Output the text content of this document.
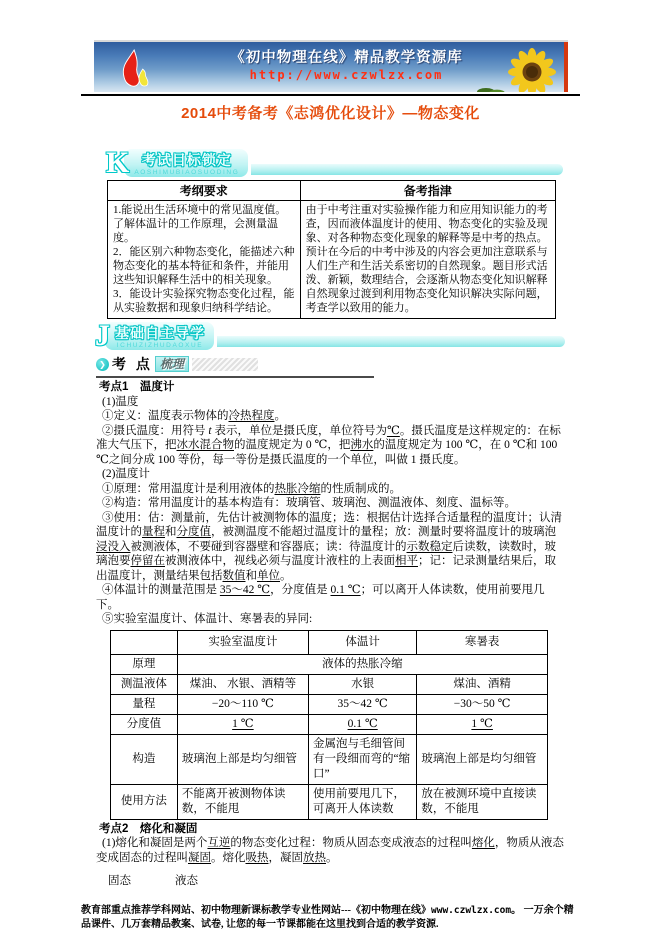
《初中物理在线》精品教学资源库
http://www.czwlzx.com
2014中考备考《志鸿优化设计》—物态变化
K 考试目标锁定
AOSHIMUBIAOSUODING
考纲要求	备考指津

1.能说出生活环境中的常见温度值。了解体温计的工作原理，会测量温度。
2．能区别六种物态变化，能描述六种物态变化的基本特征和条件，并能用这些知识解释生活中的相关现象。
3．能设计实验探究物态变化过程，能从实验数据和现象归纳科学结论。	由于中考注重对实验操作能力和应用知识能力的考查，因而液体温度计的使用、物态变化的实验及现象、对各种物态变化现象的解释等是中考的热点。预计在今后的中考中涉及的内容会更加注意联系与人们生产和生活关系密切的自然现象。题目形式活泼、新颖，数理结合，会逐渐从物态变化知识解释自然现象过渡到利用物态变化知识解决实际问题，考查学以致用的能力。
J 基础自主导学
ICHUZIZHUDAOXUE
❯ 考 点 梳理

考点1　温度计

(1)温度

①定义：温度表示物体的冷热程度。

②摄氏温度：用符号 t 表示，单位是摄氏度，单位符号为℃。摄氏温度是这样规定的：在标准大气压下，把冰水混合物的温度规定为 0 ℃，把沸水的温度规定为 100 ℃，在 0 ℃和 100 ℃之间分成 100 等份，每一等份是摄氏温度的一个单位，叫做 1 摄氏度。

(2)温度计

①原理：常用温度计是利用液体的热胀冷缩的性质制成的。

②构造：常用温度计的基本构造有：玻璃管、玻璃泡、测温液体、刻度、温标等。

③使用：估：测量前，先估计被测物体的温度；选：根据估计选择合适量程的温度计；认清温度计的量程和分度值，被测温度不能超过温度计的量程；放：测量时要将温度计的玻璃泡浸没入被测液体，不要碰到容器壁和容器底；读：待温度计的示数稳定后读数，读数时，玻璃泡要停留在被测液体中，视线必须与温度计液柱的上表面相平；记：记录测量结果后，取出温度计，测量结果包括数值和单位。

④体温计的测量范围是 35～42 ℃，分度值是 0.1 ℃；可以离开人体读数，使用前要甩几下。

⑤实验室温度计、体温计、寒暑表的异同:

	实验室温度计	体温计	寒暑表
原理	液体的热胀冷缩		
测温液体	煤油、 水银、酒精等	水银	煤油、酒精
量程	−20～110 ℃	35～42 ℃	−30～50 ℃
分度值	1 ℃	0.1 ℃	1 ℃
构造	玻璃泡上部是均匀细管	金属泡与毛细管间有一段细而弯的“缩口”	玻璃泡上部是均匀细管
使用方法	不能离开被测物体读数，不能甩	使用前要甩几下，可离开人体读数	放在被测环境中直接读数，不能甩

考点2　熔化和凝固

(1)熔化和凝固是两个互逆的物态变化过程：物质从固态变成液态的过程叫熔化，物质从液态变成固态的过程叫凝固。熔化吸热，凝固放热。

固态	液态
教育部重点推荐学科网站、初中物理新课标教学专业性网站---《初中物理在线》www.czwlzx.com。 一万余个精品课件、几万套精品教案、试卷, 让您的每一节课都能在这里找到合适的教学资源.
